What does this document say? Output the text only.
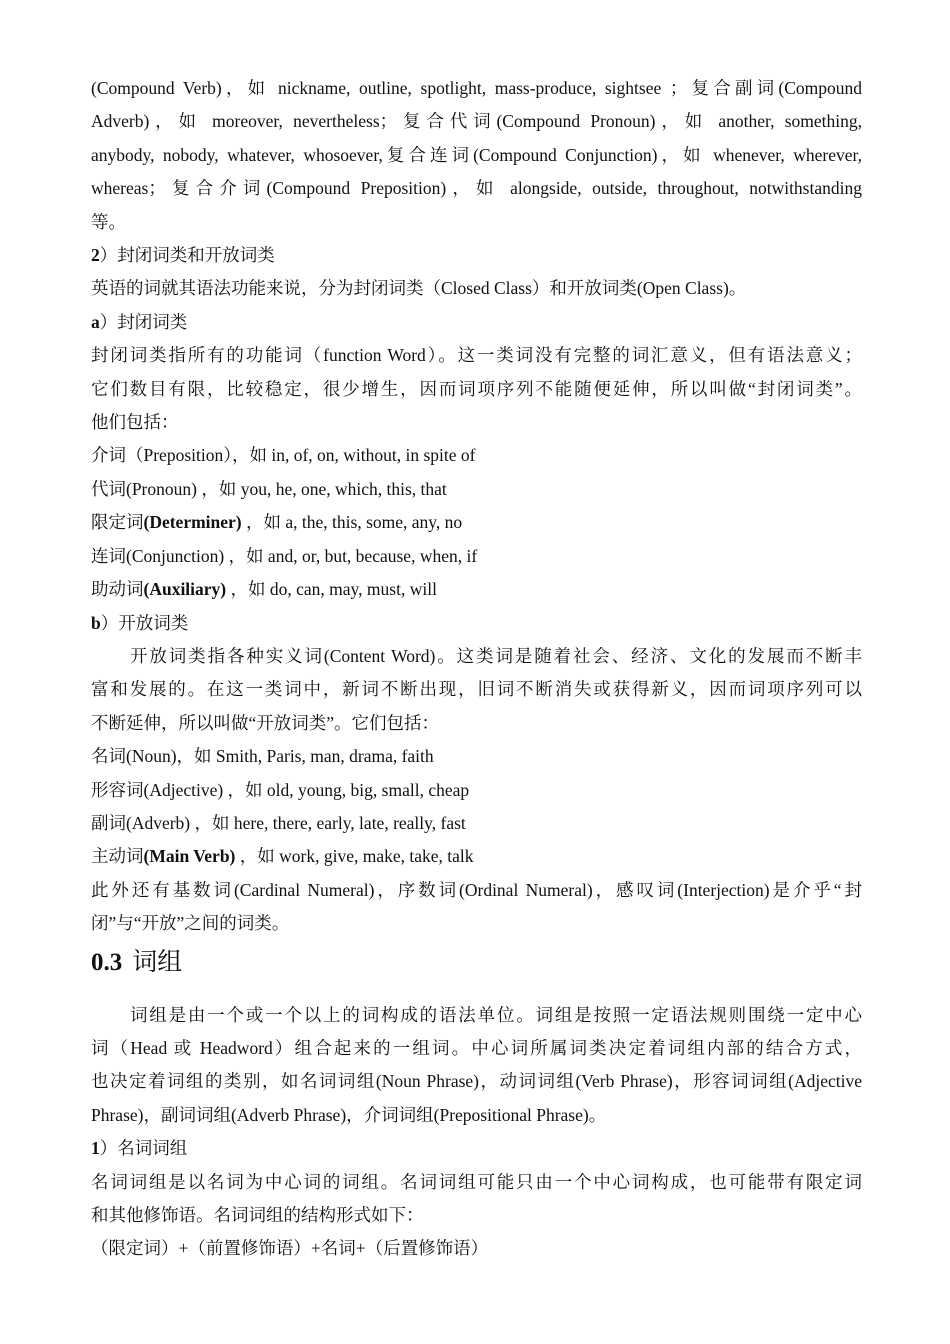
(Compound Verb)，如 nickname, outline, spotlight, mass-produce, sightsee ；复合副词(Compound
Adverb)，如 moreover, nevertheless；复合代词(Compound Pronoun)，如 another, something,
anybody, nobody, whatever, whosoever,复合连词(Compound Conjunction)，如 whenever, wherever,
whereas；复合介词(Compound Preposition)，如 alongside, outside, throughout, notwithstanding
等。
2）封闭词类和开放词类
英语的词就其语法功能来说，分为封闭词类（Closed Class）和开放词类(Open Class)。
a）封闭词类
封闭词类指所有的功能词（function Word）。这一类词没有完整的词汇意义，但有语法意义；
它们数目有限，比较稳定，很少增生，因而词项序列不能随便延伸，所以叫做“封闭词类”。
他们包括：
介词（Preposition），如 in, of, on, without, in spite of
代词(Pronoun) ，如 you, he, one, which, this, that
限定词(Determiner) ，如 a, the, this, some, any, no
连词(Conjunction) ，如 and, or, but, because, when, if
助动词(Auxiliary) ，如 do, can, may, must, will
b）开放词类
开放词类指各种实义词(Content Word)。这类词是随着社会、经济、文化的发展而不断丰
富和发展的。在这一类词中，新词不断出现，旧词不断消失或获得新义，因而词项序列可以
不断延伸，所以叫做“开放词类”。它们包括：
名词(Noun)，如 Smith, Paris, man, drama, faith
形容词(Adjective) ，如 old, young, big, small, cheap
副词(Adverb) ，如 here, there, early, late, really, fast
主动词(Main Verb) ，如 work, give, make, take, talk
此外还有基数词(Cardinal Numeral)，序数词(Ordinal Numeral)，感叹词(Interjection)是介乎“封
闭”与“开放”之间的词类。
0.3 词组
词组是由一个或一个以上的词构成的语法单位。词组是按照一定语法规则围绕一定中心
词（Head 或 Headword）组合起来的一组词。中心词所属词类决定着词组内部的结合方式，
也决定着词组的类别，如名词词组(Noun Phrase)，动词词组(Verb Phrase)，形容词词组(Adjective
Phrase)，副词词组(Adverb Phrase)，介词词组(Prepositional Phrase)。
1）名词词组
名词词组是以名词为中心词的词组。名词词组可能只由一个中心词构成，也可能带有限定词
和其他修饰语。名词词组的结构形式如下：
（限定词）+（前置修饰语）+名词+（后置修饰语）
